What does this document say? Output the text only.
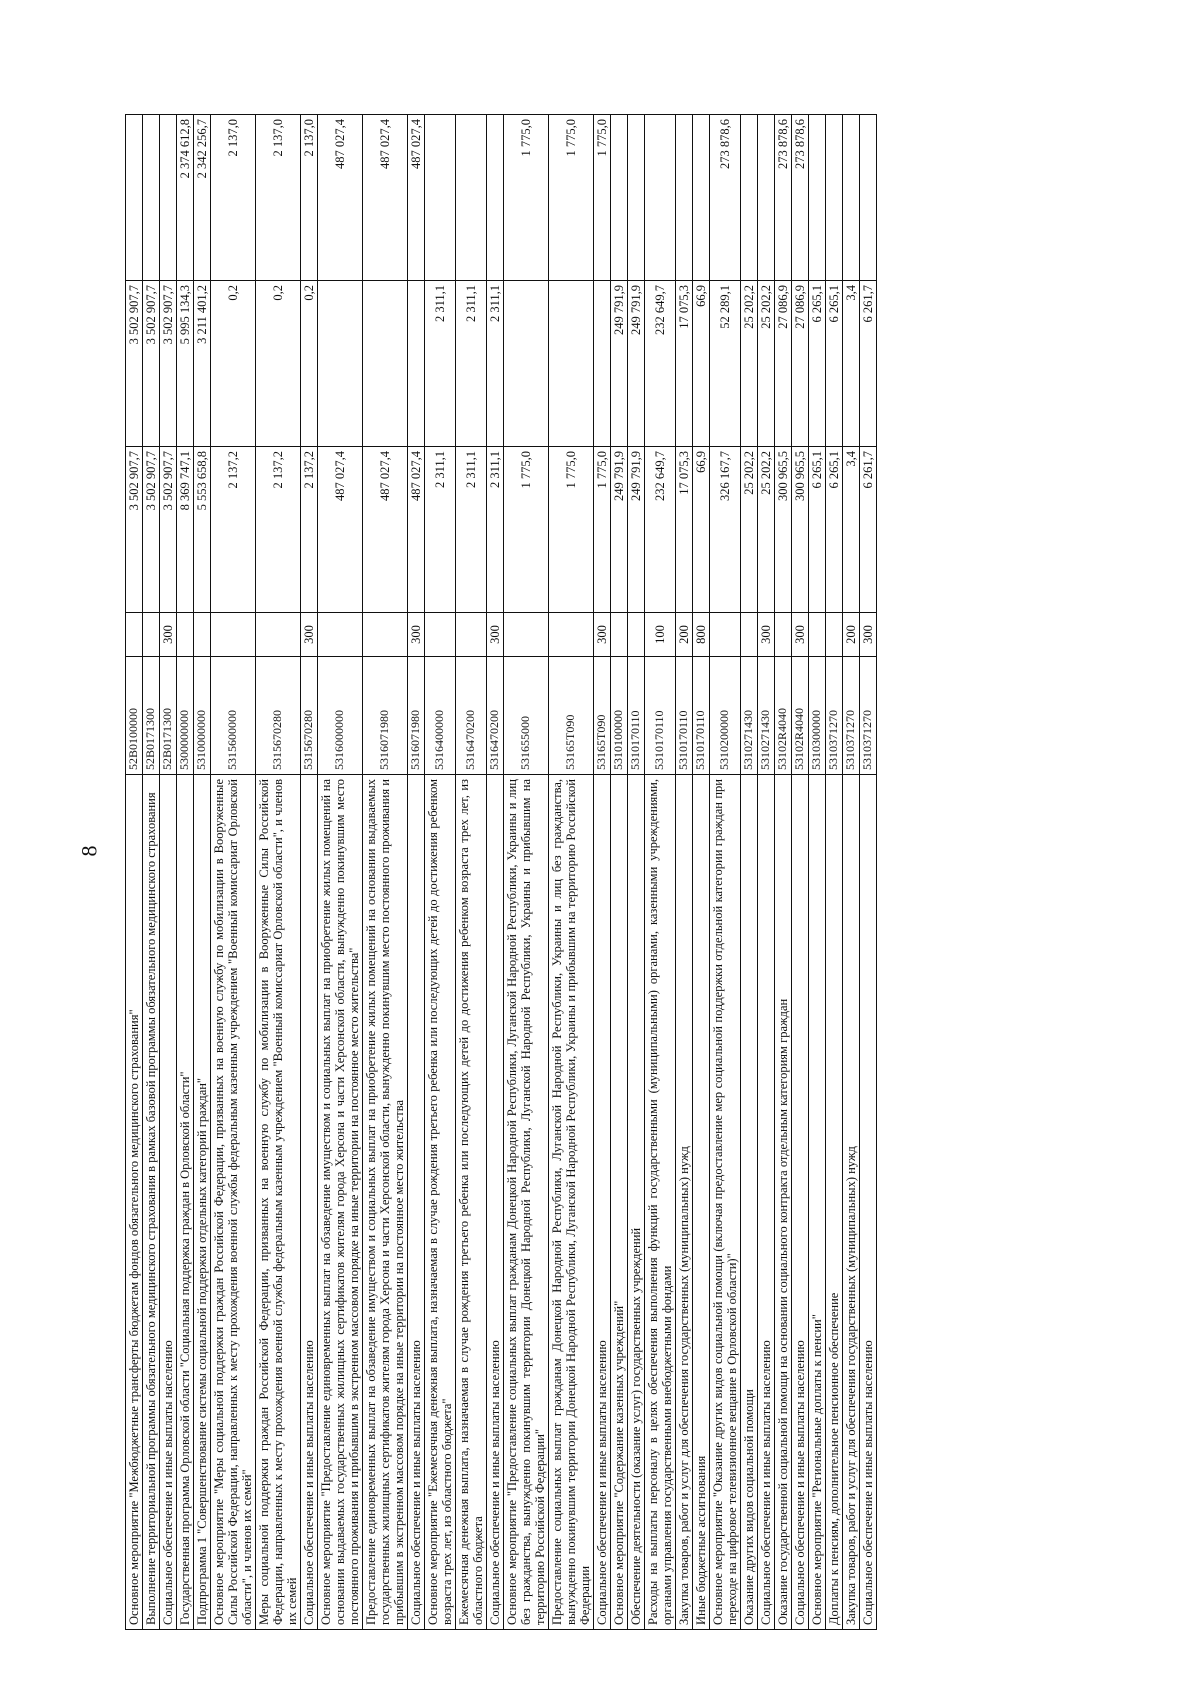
8
Основное мероприятие "Межбюджетные трансферты бюджетам фондов обязательного медицинского страхования"	52В0100000		3 502 907,7	3 502 907,7	
Выполнение территориальной программы обязательного медицинского страхования в рамках базовой программы обязательного медицинского страхования	52В0171300		3 502 907,7	3 502 907,7	
Социальное обеспечение и иные выплаты населению	52В0171300	300	3 502 907,7	3 502 907,7	
Государственная программа Орловской области "Социальная поддержка граждан в Орловской области"	5300000000		8 369 747,1	5 995 134,3	2 374 612,8
Подпрограмма 1 "Совершенствование системы социальной поддержки отдельных категорий граждан"	5310000000		5 553 658,8	3 211 401,2	2 342 256,7
Основное мероприятие "Меры социальной поддержки граждан Российской Федерации, призванных на военную службу по мобилизации в Вооруженные Силы Российской Федерации, направленных к месту прохождения военной службы федеральным казенным учреждением "Военный комиссариат Орловской области", и членов их семей"	5315600000		2 137,2	0,2	2 137,0
Меры социальной поддержки граждан Российской Федерации, призванных на военную службу по мобилизации в Вооруженные Силы Российской Федерации, направленных к месту прохождения военной службы федеральным казенным учреждением "Военный комиссариат Орловской области", и членов их семей	5315670280		2 137,2	0,2	2 137,0
Социальное обеспечение и иные выплаты населению	5315670280	300	2 137,2	0,2	2 137,0
Основное мероприятие "Предоставление единовременных выплат на обзаведение имуществом и социальных выплат на приобретение жилых помещений на основании выдаваемых государственных жилищных сертификатов жителям города Херсона и части Херсонской области, вынужденно покинувшим место постоянного проживания и прибывшим в экстренном массовом порядке на иные территории на постоянное место жительства"	5316000000		487 027,4		487 027,4
Предоставление единовременных выплат на обзаведение имуществом и социальных выплат на приобретение жилых помещений на основании выдаваемых государственных жилищных сертификатов жителям города Херсона и части Херсонской области, вынужденно покинувшим место постоянного проживания и прибывшим в экстренном массовом порядке на иные территории на постоянное место жительства	5316071980		487 027,4		487 027,4
Социальное обеспечение и иные выплаты населению	5316071980	300	487 027,4		487 027,4
Основное мероприятие "Ежемесячная денежная выплата, назначаемая в случае рождения третьего ребенка или последующих детей до достижения ребенком возраста трех лет, из областного бюджета"	5316400000		2 311,1	2 311,1	
Ежемесячная денежная выплата, назначаемая в случае рождения третьего ребенка или последующих детей до достижения ребенком возраста трех лет, из областного бюджета	5316470200		2 311,1	2 311,1	
Социальное обеспечение и иные выплаты населению	5316470200	300	2 311,1	2 311,1	
Основное мероприятие "Предоставление социальных выплат гражданам Донецкой Народной Республики, Луганской Народной Республики, Украины и лиц без гражданства, вынужденно покинувшим территории Донецкой Народной Республики, Луганской Народной Республики, Украины и прибывшим на территорию Российской Федерации"	531655000		1 775,0		1 775,0
Предоставление социальных выплат гражданам Донецкой Народной Республики, Луганской Народной Республики, Украины и лиц без гражданства, вынужденно покинувшим территории Донецкой Народной Республики, Луганской Народной Республики, Украины и прибывшим на территорию Российской Федерации	53165Т090		1 775,0		1 775,0
Социальное обеспечение и иные выплаты населению	53165Т090	300	1 775,0		1 775,0
Основное мероприятие "Содержание казенных учреждений"	5310100000		249 791,9	249 791,9	
Обеспечение деятельности (оказание услуг) государственных учреждений	5310170110		249 791,9	249 791,9	
Расходы на выплаты персоналу в целях обеспечения выполнения функций государственными (муниципальными) органами, казенными учреждениями, органами управления государственными внебюджетными фондами	5310170110	100	232 649,7	232 649,7	
Закупка товаров, работ и услуг для обеспечения государственных (муниципальных) нужд	5310170110	200	17 075,3	17 075,3	
Иные бюджетные ассигнования	5310170110	800	66,9	66,9	
Основное мероприятие "Оказание других видов социальной помощи (включая предоставление мер социальной поддержки отдельной категории граждан при переходе на цифровое телевизионное вещание в Орловской области)"	5310200000		326 167,7	52 289,1	273 878,6
Оказание других видов социальной помощи	5310271430		25 202,2	25 202,2	
Социальное обеспечение и иные выплаты населению	5310271430	300	25 202,2	25 202,2	
Оказание государственной социальной помощи на основании социального контракта отдельным категориям граждан	53102R4040		300 965,5	27 086,9	273 878,6
Социальное обеспечение и иные выплаты населению	53102R4040	300	300 965,5	27 086,9	273 878,6
Основное мероприятие "Региональные доплаты к пенсии"	5310300000		6 265,1	6 265,1	
Доплаты к пенсиям, дополнительное пенсионное обеспечение	5310371270		6 265,1	6 265,1	
Закупка товаров, работ и услуг для обеспечения государственных (муниципальных) нужд	5310371270	200	3,4	3,4	
Социальное обеспечение и иные выплаты населению	5310371270	300	6 261,7	6 261,7	
